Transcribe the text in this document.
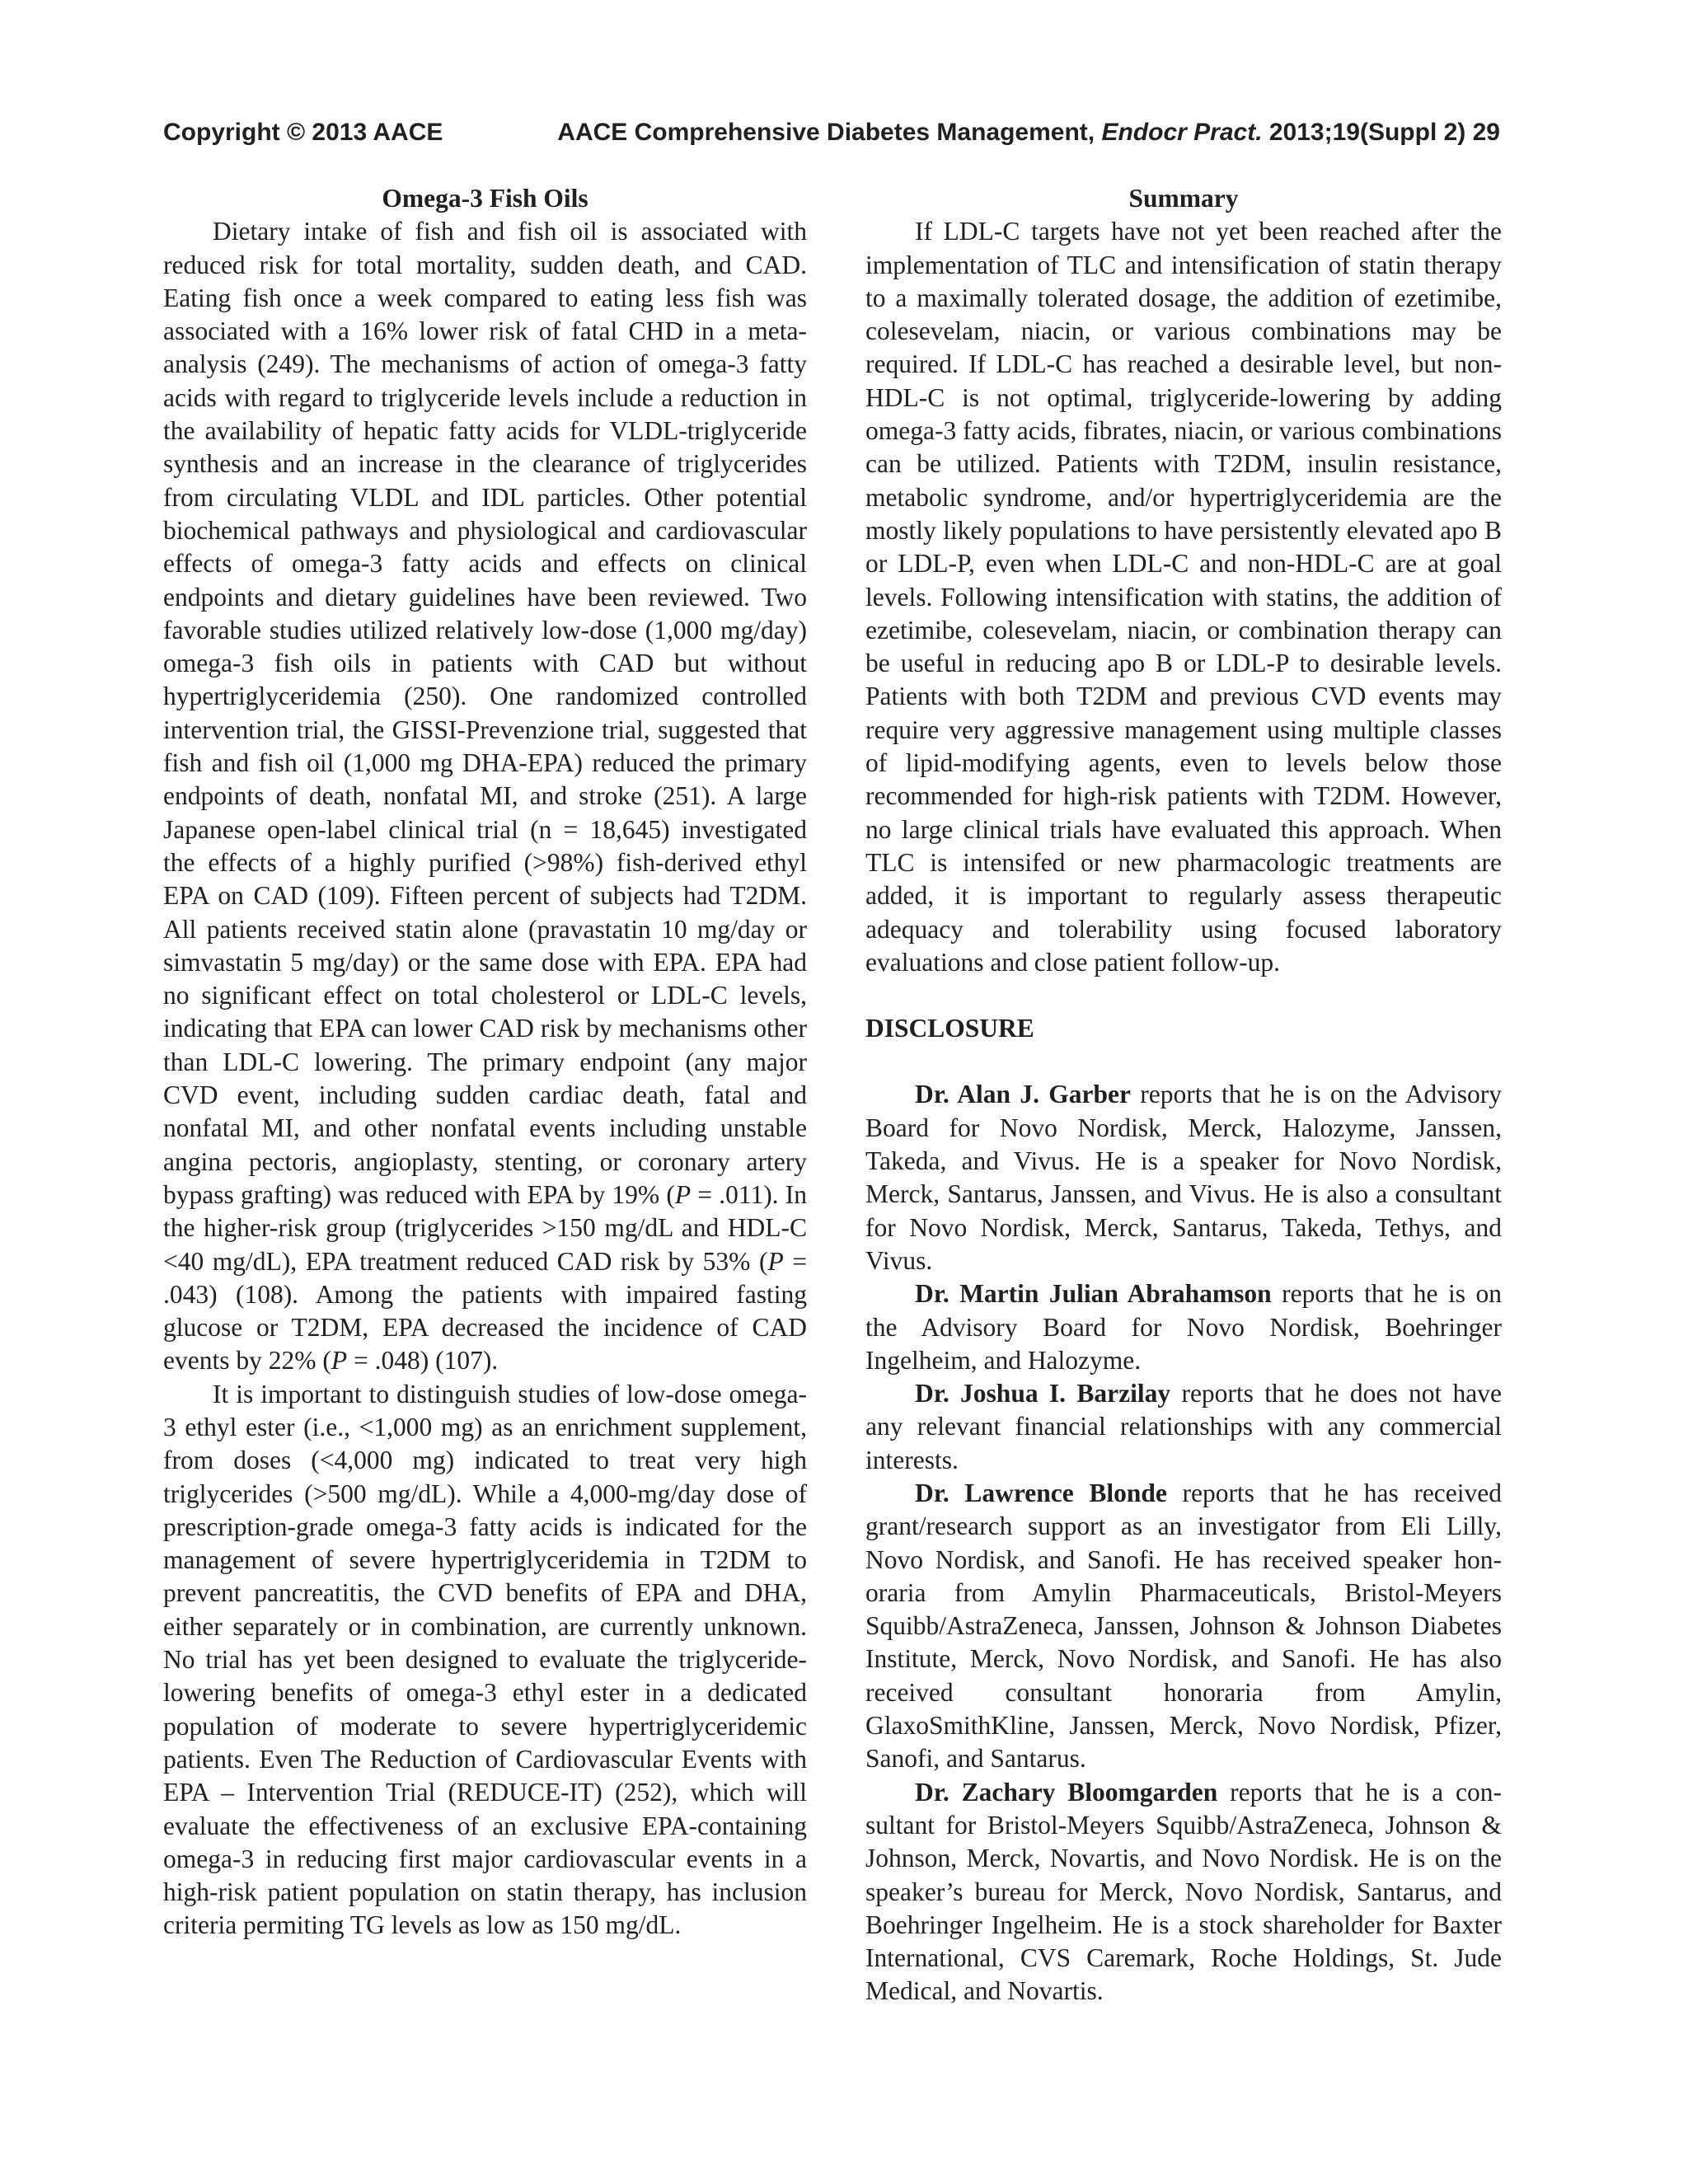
Copyright © 2013 AACE	AACE Comprehensive Diabetes Management, Endocr Pract. 2013;19(Suppl 2) 29
Omega-3 Fish Oils

Dietary intake of fish and fish oil is associated with reduced risk for total mortality, sudden death, and CAD. Eating fish once a week compared to eating less fish was associated with a 16% lower risk of fatal CHD in a meta-analysis (249). The mechanisms of action of omega-3 fatty acids with regard to triglyceride levels include a reduction in the availability of hepatic fatty acids for VLDL-triglyceride synthesis and an increase in the clearance of triglycerides from circulating VLDL and IDL particles. Other potential biochemical pathways and physiological and cardiovascular effects of omega-3 fatty acids and effects on clinical endpoints and dietary guidelines have been reviewed. Two favorable studies utilized relatively low-dose (1,000 mg/day) omega-3 fish oils in patients with CAD but without hypertriglyceridemia (250). One randomized controlled intervention trial, the GISSI-Prevenzione trial, suggested that fish and fish oil (1,000 mg DHA-EPA) reduced the primary endpoints of death, nonfatal MI, and stroke (251). A large Japanese open-label clinical trial (n = 18,645) investigated the effects of a highly purified (>98%) fish-derived ethyl EPA on CAD (109). Fifteen percent of subjects had T2DM. All patients received statin alone (pravastatin 10 mg/day or simvastatin 5 mg/day) or the same dose with EPA. EPA had no significant effect on total cholesterol or LDL-C levels, indicating that EPA can lower CAD risk by mechanisms other than LDL-C lowering. The primary endpoint (any major CVD event, including sudden cardiac death, fatal and nonfatal MI, and other nonfatal events including unstable angina pectoris, angioplasty, stenting, or coronary artery bypass grafting) was reduced with EPA by 19% (P = .011). In the higher-risk group (triglycerides >150 mg/dL and HDL-C <40 mg/dL), EPA treatment reduced CAD risk by 53% (P = .043) (108). Among the patients with impaired fasting glucose or T2DM, EPA decreased the incidence of CAD events by 22% (P = .048) (107).

It is important to distinguish studies of low-dose omega-3 ethyl ester (i.e., <1,000 mg) as an enrichment supplement, from doses (<4,000 mg) indicated to treat very high triglycerides (>500 mg/dL). While a 4,000-mg/day dose of prescription-grade omega-3 fatty acids is indicated for the management of severe hypertriglyceridemia in T2DM to prevent pancreatitis, the CVD benefits of EPA and DHA, either separately or in combination, are currently unknown. No trial has yet been designed to evaluate the triglyceride-lowering benefits of omega-3 ethyl ester in a dedicated population of moderate to severe hypertriglyceridemic patients. Even The Reduction of Cardiovascular Events with EPA – Intervention Trial (REDUCE-IT) (252), which will evaluate the effectiveness of an exclusive EPA-containing omega-3 in reducing first major cardiovascular events in a high-risk patient population on statin therapy, has inclusion criteria permiting TG levels as low as 150 mg/dL.

Summary

If LDL-C targets have not yet been reached after the implementation of TLC and intensification of statin therapy to a maximally tolerated dosage, the addition of ezetimibe, colesevelam, niacin, or various combinations may be required. If LDL-C has reached a desirable level, but non-HDL-C is not optimal, triglyceride-lowering by adding omega-3 fatty acids, fibrates, niacin, or various combinations can be utilized. Patients with T2DM, insulin resistance, metabolic syndrome, and/or hypertriglyceridemia are the mostly likely populations to have persistently elevated apo B or LDL-P, even when LDL-C and non-HDL-C are at goal levels. Following intensification with statins, the addition of ezetimibe, colesevelam, niacin, or combination therapy can be useful in reducing apo B or LDL-P to desirable levels. Patients with both T2DM and previous CVD events may require very aggressive management using multiple classes of lipid-modifying agents, even to levels below those recommended for high-risk patients with T2DM. However, no large clinical trials have evaluated this approach. When TLC is intensifed or new pharmacologic treatments are added, it is important to regularly assess therapeutic adequacy and tolerability using focused laboratory evaluations and close patient follow-up.

DISCLOSURE

Dr. Alan J. Garber reports that he is on the Advisory Board for Novo Nordisk, Merck, Halozyme, Janssen, Takeda, and Vivus. He is a speaker for Novo Nordisk, Merck, Santarus, Janssen, and Vivus. He is also a consultant for Novo Nordisk, Merck, Santarus, Takeda, Tethys, and Vivus.

Dr. Martin Julian Abrahamson reports that he is on the Advisory Board for Novo Nordisk, Boehringer Ingelheim, and Halozyme.

Dr. Joshua I. Barzilay reports that he does not have any relevant financial relationships with any commercial interests.

Dr. Lawrence Blonde reports that he has received grant/research support as an investigator from Eli Lilly, Novo Nordisk, and Sanofi. He has received speaker honoraria from Amylin Pharmaceuticals, Bristol-Meyers Squibb/AstraZeneca, Janssen, Johnson & Johnson Diabetes Institute, Merck, Novo Nordisk, and Sanofi. He has also received consultant honoraria from Amylin, GlaxoSmithKline, Janssen, Merck, Novo Nordisk, Pfizer, Sanofi, and Santarus.

Dr. Zachary Bloomgarden reports that he is a consultant for Bristol-Meyers Squibb/AstraZeneca, Johnson & Johnson, Merck, Novartis, and Novo Nordisk. He is on the speaker’s bureau for Merck, Novo Nordisk, Santarus, and Boehringer Ingelheim. He is a stock shareholder for Baxter International, CVS Caremark, Roche Holdings, St. Jude Medical, and Novartis.
